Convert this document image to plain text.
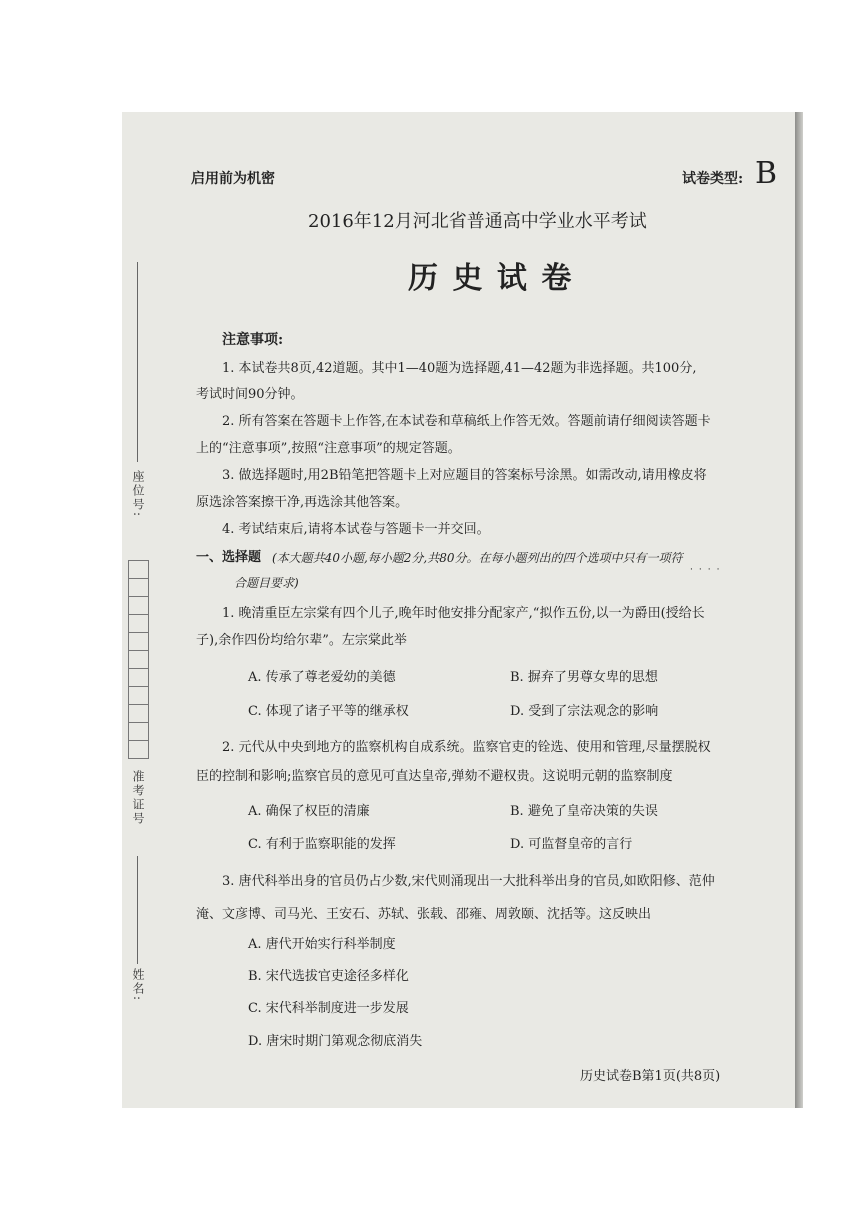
启用前为机密	试卷类型: B
2016年12月河北省普通高中学业水平考试
历 史 试 卷
注意事项:
1. 本试卷共8页,42道题。其中1—40题为选择题,41—42题为非选择题。共100分,
考试时间90分钟。
2. 所有答案在答题卡上作答,在本试卷和草稿纸上作答无效。答题前请仔细阅读答题卡
上的“注意事项”,按照“注意事项”的规定答题。
3. 做选择题时,用2B铅笔把答题卡上对应题目的答案标号涂黑。如需改动,请用橡皮将
原选涂答案擦干净,再选涂其他答案。
4. 考试结束后,请将本试卷与答题卡一并交回。
一、选择题 (本大题共40小题,每小题2分,共80分。在每小题列出的四个选项中只有一项符
····
合题目要求)
1. 晚清重臣左宗棠有四个儿子,晚年时他安排分配家产,“拟作五份,以一为爵田(授给长
子),余作四份均给尔辈”。左宗棠此举
A. 传承了尊老爱幼的美德	B. 摒弃了男尊女卑的思想
C. 体现了诸子平等的继承权	D. 受到了宗法观念的影响
2. 元代从中央到地方的监察机构自成系统。监察官吏的铨选、使用和管理,尽量摆脱权
臣的控制和影响;监察官员的意见可直达皇帝,弹劾不避权贵。这说明元朝的监察制度
A. 确保了权臣的清廉	B. 避免了皇帝决策的失误
C. 有利于监察职能的发挥	D. 可监督皇帝的言行
3. 唐代科举出身的官员仍占少数,宋代则涌现出一大批科举出身的官员,如欧阳修、范仲
淹、文彦博、司马光、王安石、苏轼、张载、邵雍、周敦颐、沈括等。这反映出
A. 唐代开始实行科举制度
B. 宋代选拔官吏途径多样化
C. 宋代科举制度进一步发展
D. 唐宋时期门第观念彻底消失
历史试卷B第1页(共8页)
座位号:
准考证号
姓名:
